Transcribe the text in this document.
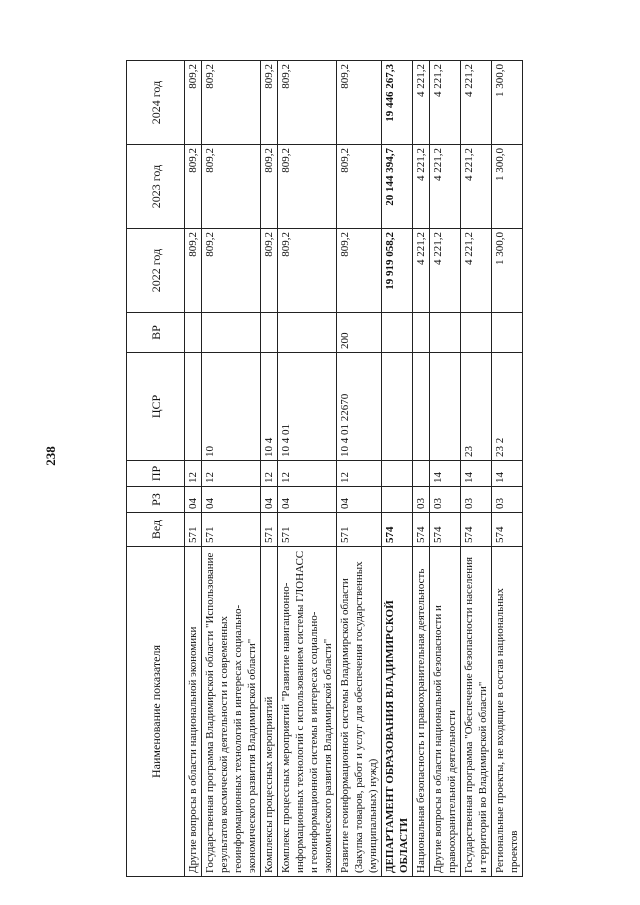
238
Наименование показателя	Вед	РЗ	ПР	ЦСР	ВР	2022 год	2023 год	2024 год
Другие вопросы в области национальной экономики	571	04	12			809,2	809,2	809,2
Государственная программа Владимирской области "Использование результатов космической деятельности и современных геоинформационных технологий в интересах социально-экономического развития Владимирской области"	571	04	12	10		809,2	809,2	809,2
Комплексы процессных мероприятий	571	04	12	10 4		809,2	809,2	809,2
Комплекс процессных мероприятий "Развитие навигационно-информационных технологий с использованием системы ГЛОНАСС и геоинформационной системы в интересах социально-экономического развития Владимирской области"	571	04	12	10 4 01		809,2	809,2	809,2
Развитие геоинформационной системы Владимирской области (Закупка товаров, работ и услуг для обеспечения государственных (муниципальных) нужд)	571	04	12	10 4 01 22670	200	809,2	809,2	809,2
ДЕПАРТАМЕНТ ОБРАЗОВАНИЯ ВЛАДИМИРСКОЙ ОБЛАСТИ	574					19 919 058,2	20 144 394,7	19 446 267,3
Национальная безопасность и правоохранительная деятельность	574	03				4 221,2	4 221,2	4 221,2
Другие вопросы в области национальной безопасности и правоохранительной деятельности	574	03	14			4 221,2	4 221,2	4 221,2
Государственная программа "Обеспечение безопасности населения и территорий во Владимирской области"	574	03	14	23		4 221,2	4 221,2	4 221,2
Региональные проекты, не входящие в состав национальных проектов	574	03	14	23 2		1 300,0	1 300,0	1 300,0
